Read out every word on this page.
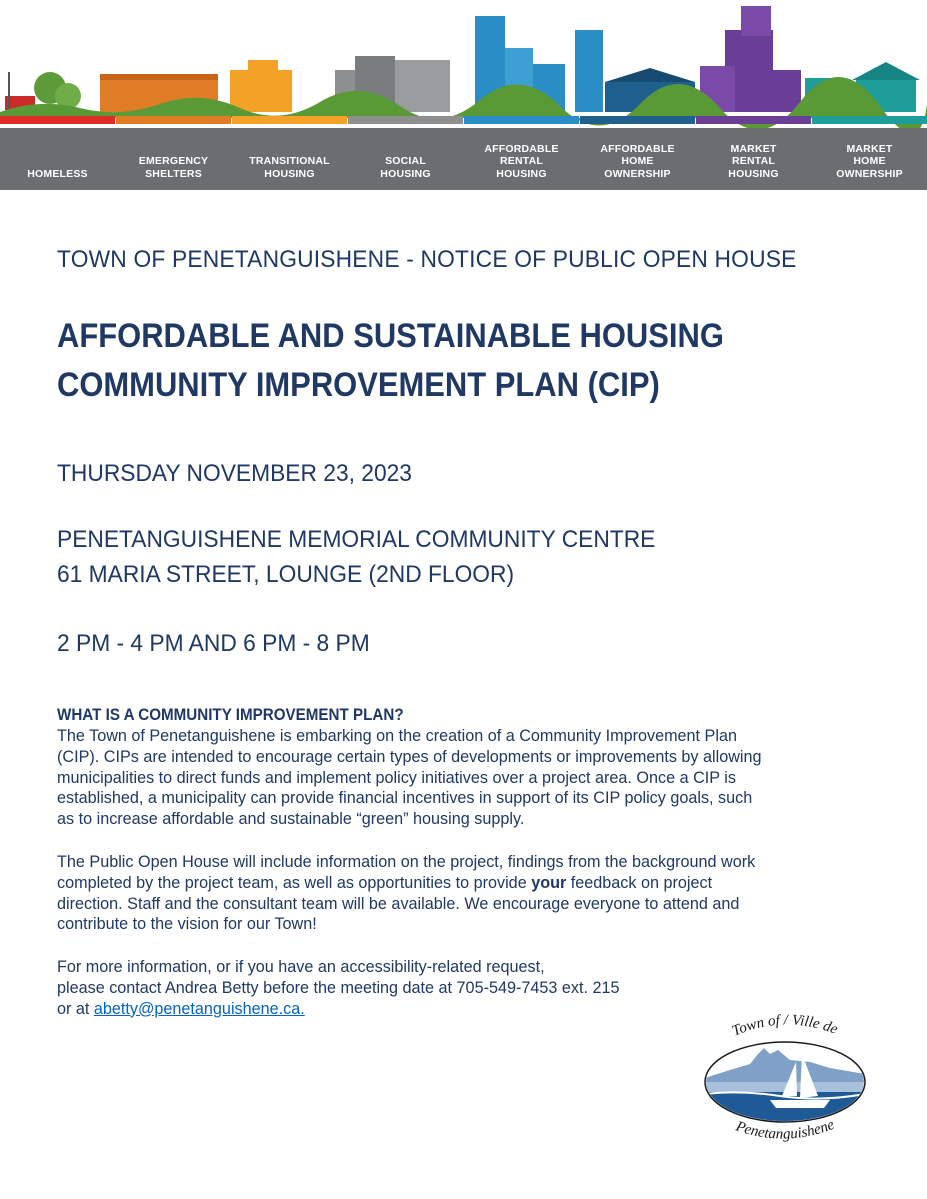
HOMELESS
EMERGENCY
SHELTERS
TRANSITIONAL
HOUSING
SOCIAL
HOUSING
AFFORDABLE
RENTAL
HOUSING
AFFORDABLE
HOME
OWNERSHIP
MARKET
RENTAL
HOUSING
MARKET
HOME
OWNERSHIP
TOWN OF PENETANGUISHENE - NOTICE OF PUBLIC OPEN HOUSE
AFFORDABLE AND SUSTAINABLE HOUSING
COMMUNITY IMPROVEMENT PLAN (CIP)
THURSDAY NOVEMBER 23, 2023
PENETANGUISHENE MEMORIAL COMMUNITY CENTRE
61 MARIA STREET, LOUNGE (2ND FLOOR)
2 PM - 4 PM AND 6 PM - 8 PM
WHAT IS A COMMUNITY IMPROVEMENT PLAN?
The Town of Penetanguishene is embarking on the creation of a Community Improvement Plan
(CIP). CIPs are intended to encourage certain types of developments or improvements by allowing
municipalities to direct funds and implement policy initiatives over a project area. Once a CIP is
established, a municipality can provide financial incentives in support of its CIP policy goals, such
as to increase affordable and sustainable “green” housing supply.
The Public Open House will include information on the project, findings from the background work
completed by the project team, as well as opportunities to provide your feedback on project
direction. Staff and the consultant team will be available. We encourage everyone to attend and
contribute to the vision for our Town!
For more information, or if you have an accessibility-related request,
please contact Andrea Betty before the meeting date at 705-549-7453 ext. 215
or at abetty@penetanguishene.ca.
Town of / Ville de
Penetanguishene
